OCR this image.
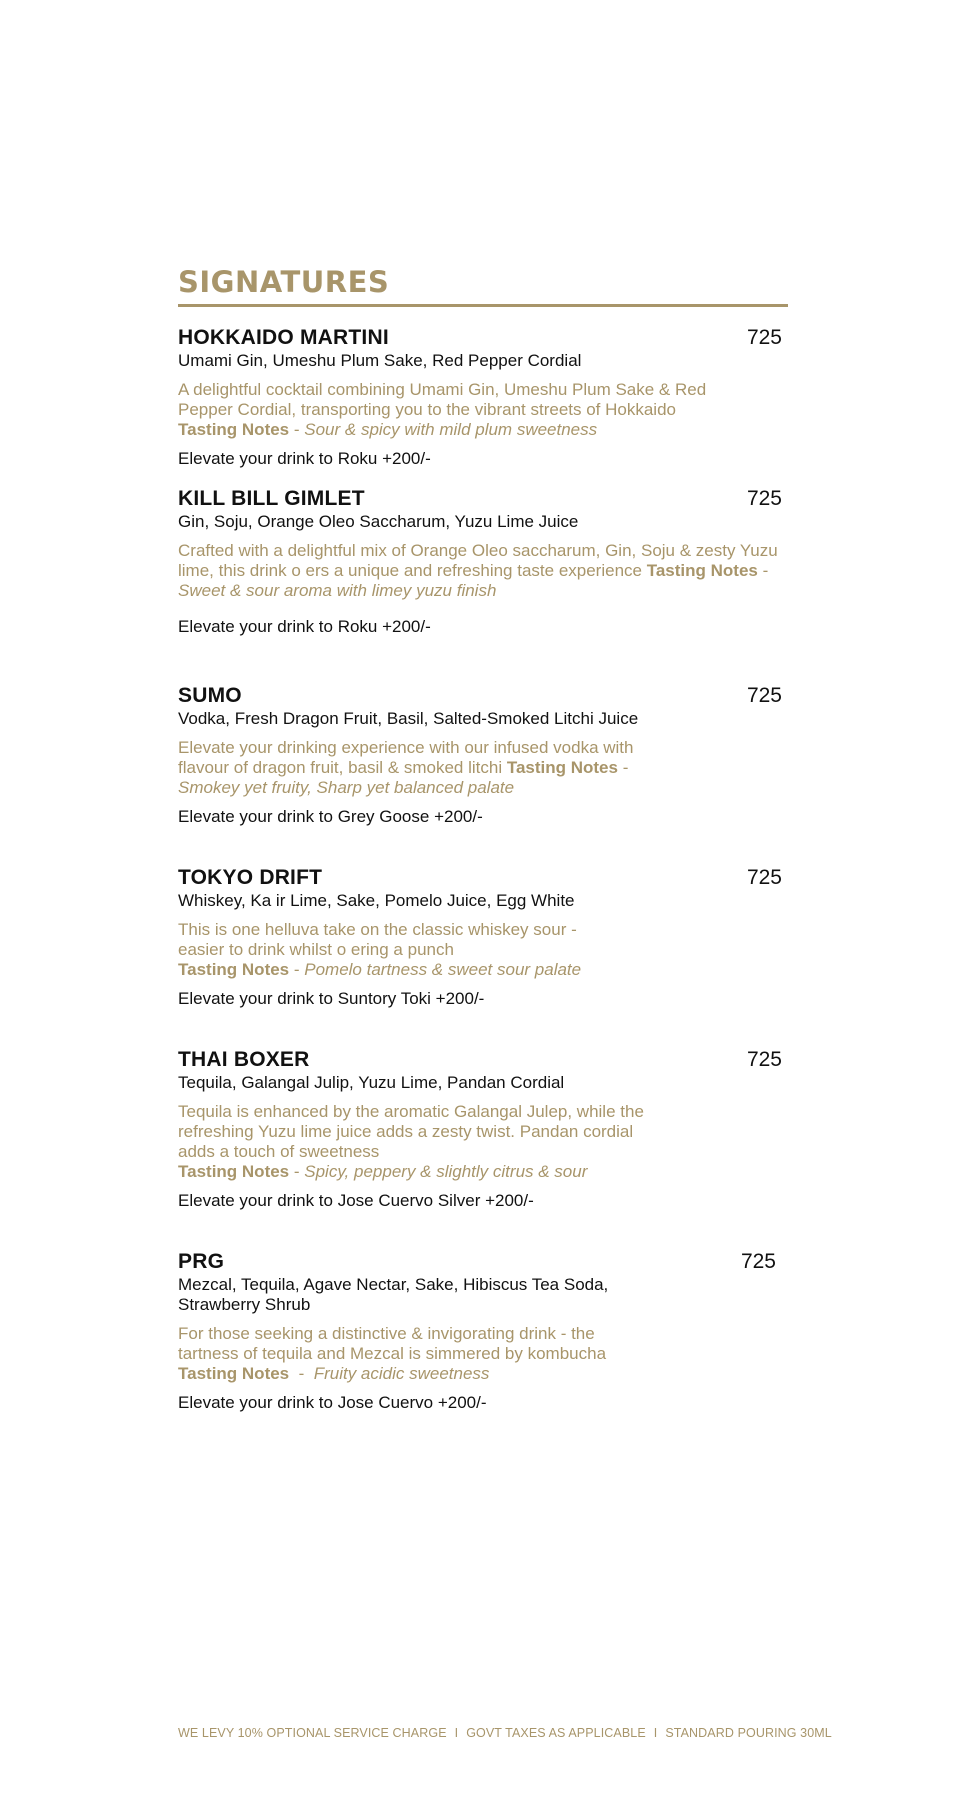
SIGNATURES
HOKKAIDO MARTINI	725
Umami Gin, Umeshu Plum Sake, Red Pepper Cordial
A delightful cocktail combining Umami Gin, Umeshu Plum Sake & Red Pepper Cordial, transporting you to the vibrant streets of Hokkaido
Tasting Notes - Sour & spicy with mild plum sweetness
Elevate your drink to Roku +200/-
KILL BILL GIMLET	725
Gin, Soju, Orange Oleo Saccharum, Yuzu Lime Juice
Crafted with a delightful mix of Orange Oleo saccharum, Gin, Soju & zesty Yuzu lime, this drink o ers a unique and refreshing taste experience Tasting Notes - Sweet & sour aroma with limey yuzu finish
Elevate your drink to Roku +200/-
SUMO	725
Vodka, Fresh Dragon Fruit, Basil, Salted-Smoked Litchi Juice
Elevate your drinking experience with our infused vodka with flavour of dragon fruit, basil & smoked litchi Tasting Notes - Smokey yet fruity, Sharp yet balanced palate
Elevate your drink to Grey Goose +200/-
TOKYO DRIFT	725
Whiskey, Ka ir Lime, Sake, Pomelo Juice, Egg White
This is one helluva take on the classic whiskey sour - easier to drink whilst o ering a punch
Tasting Notes - Pomelo tartness & sweet sour palate
Elevate your drink to Suntory Toki +200/-
THAI BOXER	725
Tequila, Galangal Julip, Yuzu Lime, Pandan Cordial
Tequila is enhanced by the aromatic Galangal Julep, while the refreshing Yuzu lime juice adds a zesty twist. Pandan cordial adds a touch of sweetness
Tasting Notes - Spicy, peppery & slightly citrus & sour
Elevate your drink to Jose Cuervo Silver +200/-
PRG	725
Mezcal, Tequila, Agave Nectar, Sake, Hibiscus Tea Soda, Strawberry Shrub
For those seeking a distinctive & invigorating drink - the tartness of tequila and Mezcal is simmered by kombucha
Tasting Notes  -  Fruity acidic sweetness
Elevate your drink to Jose Cuervo +200/-
WE LEVY 10% OPTIONAL SERVICE CHARGE I GOVT TAXES AS APPLICABLE I STANDARD POURING 30ML
